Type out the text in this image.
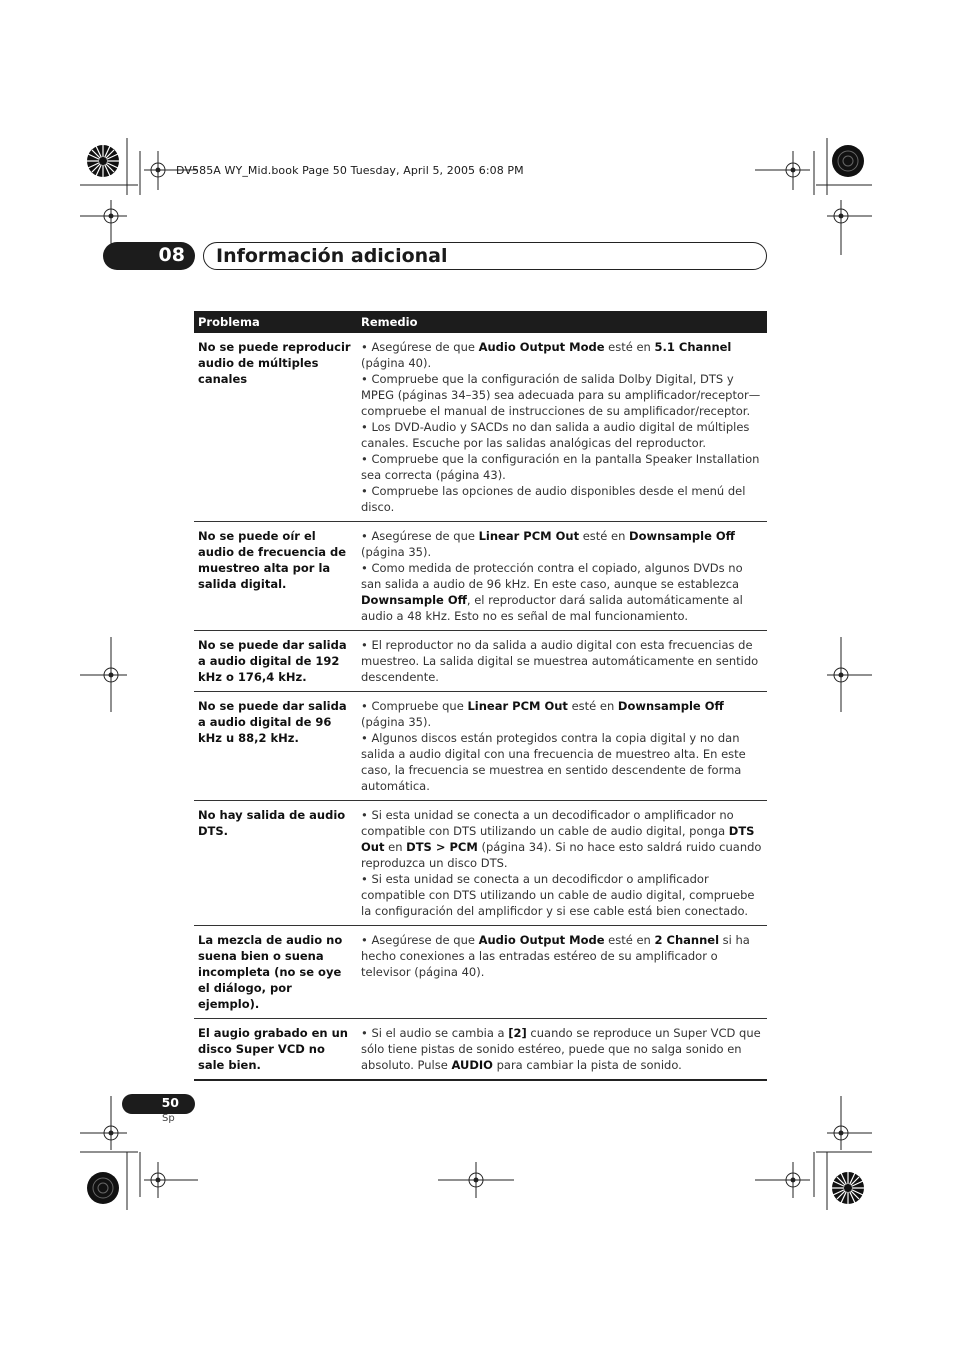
DV585A WY_Mid.book Page 50 Tuesday, April 5, 2005 6:08 PM
08 Información adicional
Problema	Remedio
No se puede reproducir audio de múltiples canales	• Asegúrese de que Audio Output Mode esté en 5.1 Channel (página 40).
• Compruebe que la configuración de salida Dolby Digital, DTS y MPEG (páginas 34–35) sea adecuada para su amplificador/receptor— compruebe el manual de instrucciones de su amplificador/receptor.
• Los DVD-Audio y SACDs no dan salida a audio digital de múltiples canales. Escuche por las salidas analógicas del reproductor.
• Compruebe que la configuración en la pantalla Speaker Installation sea correcta (página 43).
• Compruebe las opciones de audio disponibles desde el menú del disco.

No se puede oír el audio de frecuencia de muestreo alta por la salida digital.	• Asegúrese de que Linear PCM Out esté en Downsample Off (página 35).
• Como medida de protección contra el copiado, algunos DVDs no san salida a audio de 96 kHz. En este caso, aunque se establezca Downsample Off, el reproductor dará salida automáticamente al audio a 48 kHz. Esto no es señal de mal funcionamiento.

No se puede dar salida a audio digital de 192 kHz o 176,4 kHz.	• El reproductor no da salida a audio digital con esta frecuencias de muestreo. La salida digital se muestrea automáticamente en sentido descendente.

No se puede dar salida a audio digital de 96 kHz u 88,2 kHz.	• Compruebe que Linear PCM Out esté en Downsample Off (página 35).
• Algunos discos están protegidos contra la copia digital y no dan salida a audio digital con una frecuencia de muestreo alta. En este caso, la frecuencia se muestrea en sentido descendente de forma automática.

No hay salida de audio DTS.	• Si esta unidad se conecta a un decodificador o amplificador no compatible con DTS utilizando un cable de audio digital, ponga DTS Out en DTS > PCM (página 34). Si no hace esto saldrá ruido cuando reproduzca un disco DTS.
• Si esta unidad se conecta a un decodificdor o amplificador compatible con DTS utilizando un cable de audio digital, compruebe la configuración del amplificdor y si ese cable está bien conectado.

La mezcla de audio no suena bien o suena incompleta (no se oye el diálogo, por ejemplo).	• Asegúrese de que Audio Output Mode esté en 2 Channel si ha hecho conexiones a las entradas estéreo de su amplificador o televisor (página 40).

El augio grabado en un disco Super VCD no sale bien.	• Si el audio se cambia a [2] cuando se reproduce un Super VCD que sólo tiene pistas de sonido estéreo, puede que no salga sonido en absoluto. Pulse AUDIO para cambiar la pista de sonido.
50
Sp
